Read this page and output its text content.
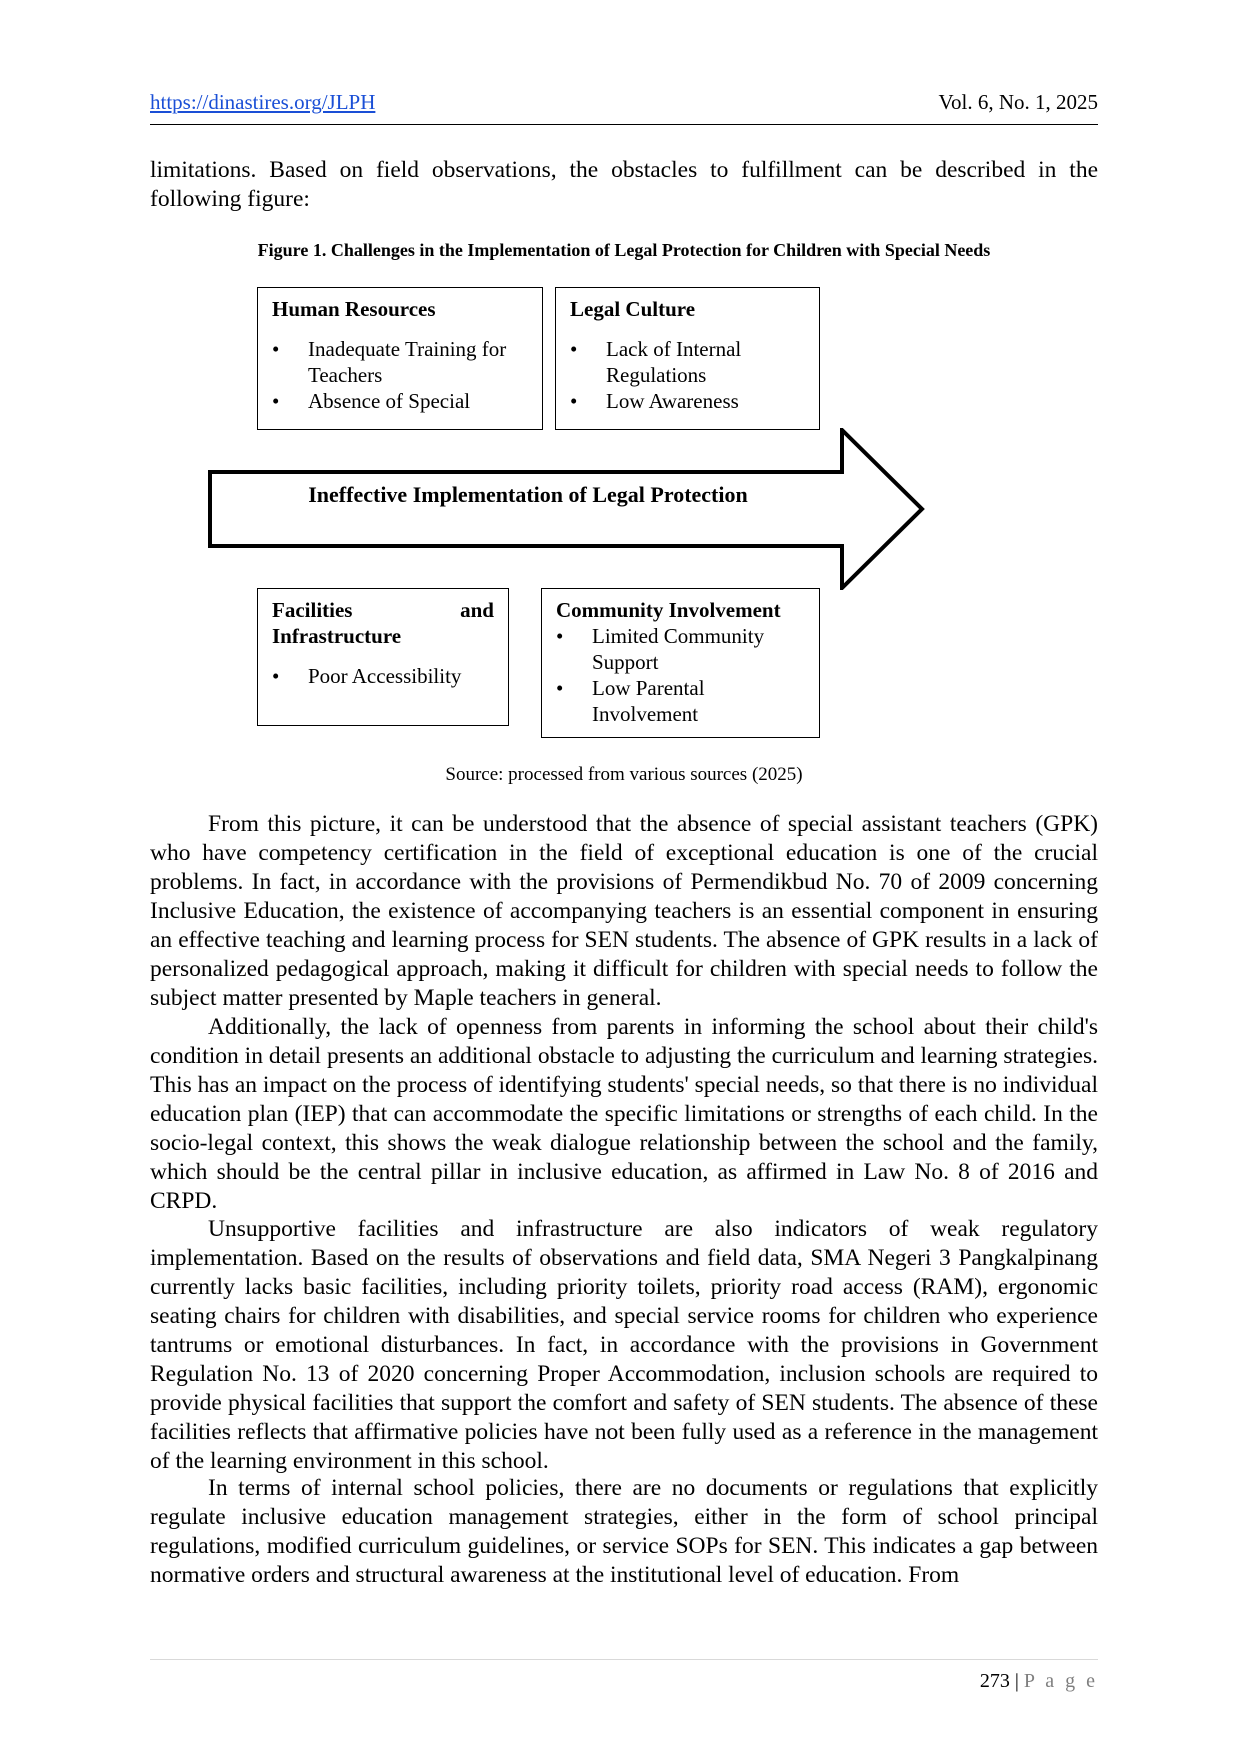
https://dinastires.org/JLPH	Vol. 6, No. 1, 2025

limitations. Based on field observations, the obstacles to fulfillment can be described in the following figure:

Figure 1. Challenges in the Implementation of Legal Protection for Children with Special Needs
Human Resources
•	Inadequate Training for Teachers
•	Absence of Special
Legal Culture
•	Lack of Internal Regulations
•	Low Awareness
Ineffective Implementation of Legal Protection
Facilities and Infrastructure
•	Poor Accessibility
Community Involvement
•	Limited Community Support
•	Low Parental Involvement
Source: processed from various sources (2025)

From this picture, it can be understood that the absence of special assistant teachers (GPK) who have competency certification in the field of exceptional education is one of the crucial problems. In fact, in accordance with the provisions of Permendikbud No. 70 of 2009 concerning Inclusive Education, the existence of accompanying teachers is an essential component in ensuring an effective teaching and learning process for SEN students. The absence of GPK results in a lack of personalized pedagogical approach, making it difficult for children with special needs to follow the subject matter presented by Maple teachers in general.

Additionally, the lack of openness from parents in informing the school about their child's condition in detail presents an additional obstacle to adjusting the curriculum and learning strategies. This has an impact on the process of identifying students' special needs, so that there is no individual education plan (IEP) that can accommodate the specific limitations or strengths of each child. In the socio-legal context, this shows the weak dialogue relationship between the school and the family, which should be the central pillar in inclusive education, as affirmed in Law No. 8 of 2016 and CRPD.

Unsupportive facilities and infrastructure are also indicators of weak regulatory implementation. Based on the results of observations and field data, SMA Negeri 3 Pangkalpinang currently lacks basic facilities, including priority toilets, priority road access (RAM), ergonomic seating chairs for children with disabilities, and special service rooms for children who experience tantrums or emotional disturbances. In fact, in accordance with the provisions in Government Regulation No. 13 of 2020 concerning Proper Accommodation, inclusion schools are required to provide physical facilities that support the comfort and safety of SEN students. The absence of these facilities reflects that affirmative policies have not been fully used as a reference in the management of the learning environment in this school.

In terms of internal school policies, there are no documents or regulations that explicitly regulate inclusive education management strategies, either in the form of school principal regulations, modified curriculum guidelines, or service SOPs for SEN. This indicates a gap between normative orders and structural awareness at the institutional level of education. From

273 | P a g e
